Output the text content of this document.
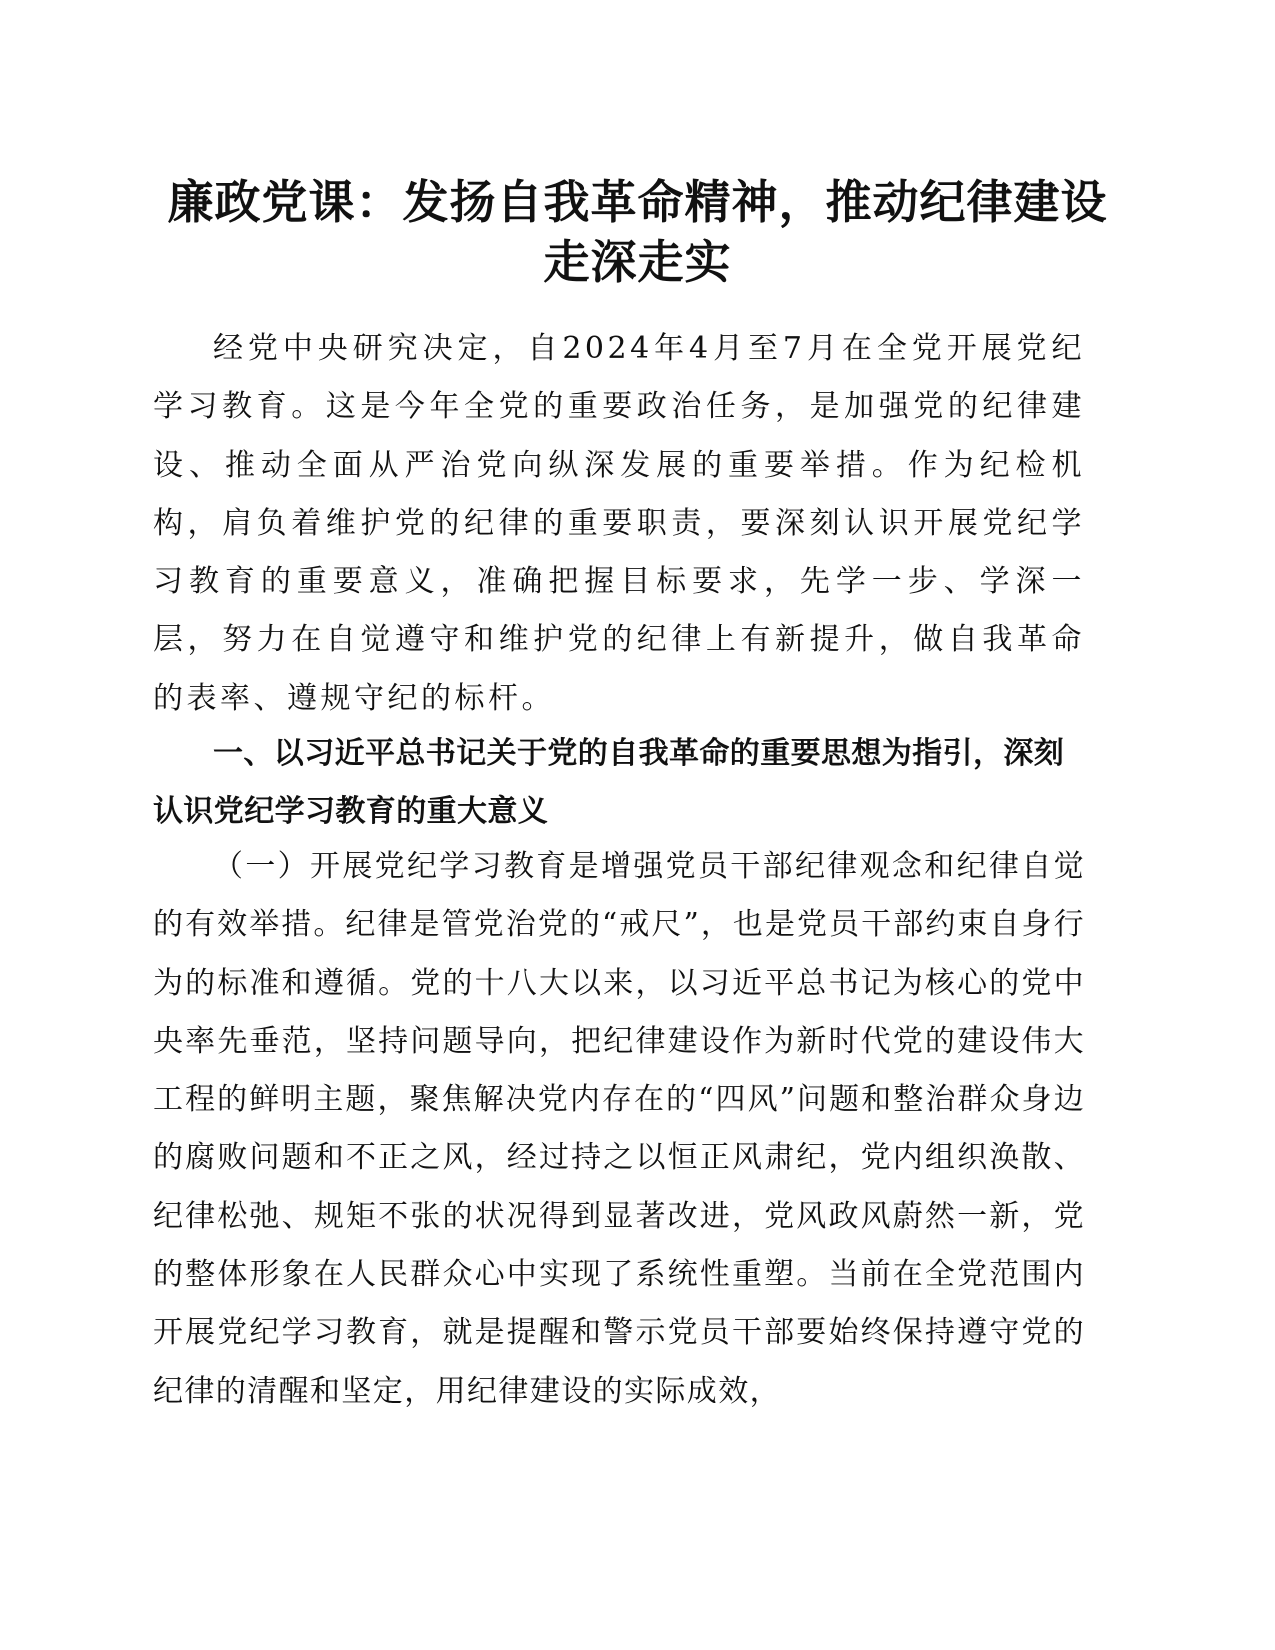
廉政党课：发扬自我革命精神，推动纪律建设
走深走实

经党中央研究决定，自2024年4月至7月在全党开展党纪学习教育。这是今年全党的重要政治任务，是加强党的纪律建设、推动全面从严治党向纵深发展的重要举措。作为纪检机构，肩负着维护党的纪律的重要职责，要深刻认识开展党纪学习教育的重要意义，准确把握目标要求，先学一步、学深一层，努力在自觉遵守和维护党的纪律上有新提升，做自我革命的表率、遵规守纪的标杆。

一、以习近平总书记关于党的自我革命的重要思想为指引，深刻认识党纪学习教育的重大意义

（一）开展党纪学习教育是增强党员干部纪律观念和纪律自觉的有效举措。纪律是管党治党的“戒尺”，也是党员干部约束自身行为的标准和遵循。党的十八大以来，以习近平总书记为核心的党中央率先垂范，坚持问题导向，把纪律建设作为新时代党的建设伟大工程的鲜明主题，聚焦解决党内存在的“四风”问题和整治群众身边的腐败问题和不正之风，经过持之以恒正风肃纪，党内组织涣散、纪律松弛、规矩不张的状况得到显著改进，党风政风蔚然一新，党的整体形象在人民群众心中实现了系统性重塑。当前在全党范围内开展党纪学习教育，就是提醒和警示党员干部要始终保持遵守党的纪律的清醒和坚定，用纪律建设的实际成效，
